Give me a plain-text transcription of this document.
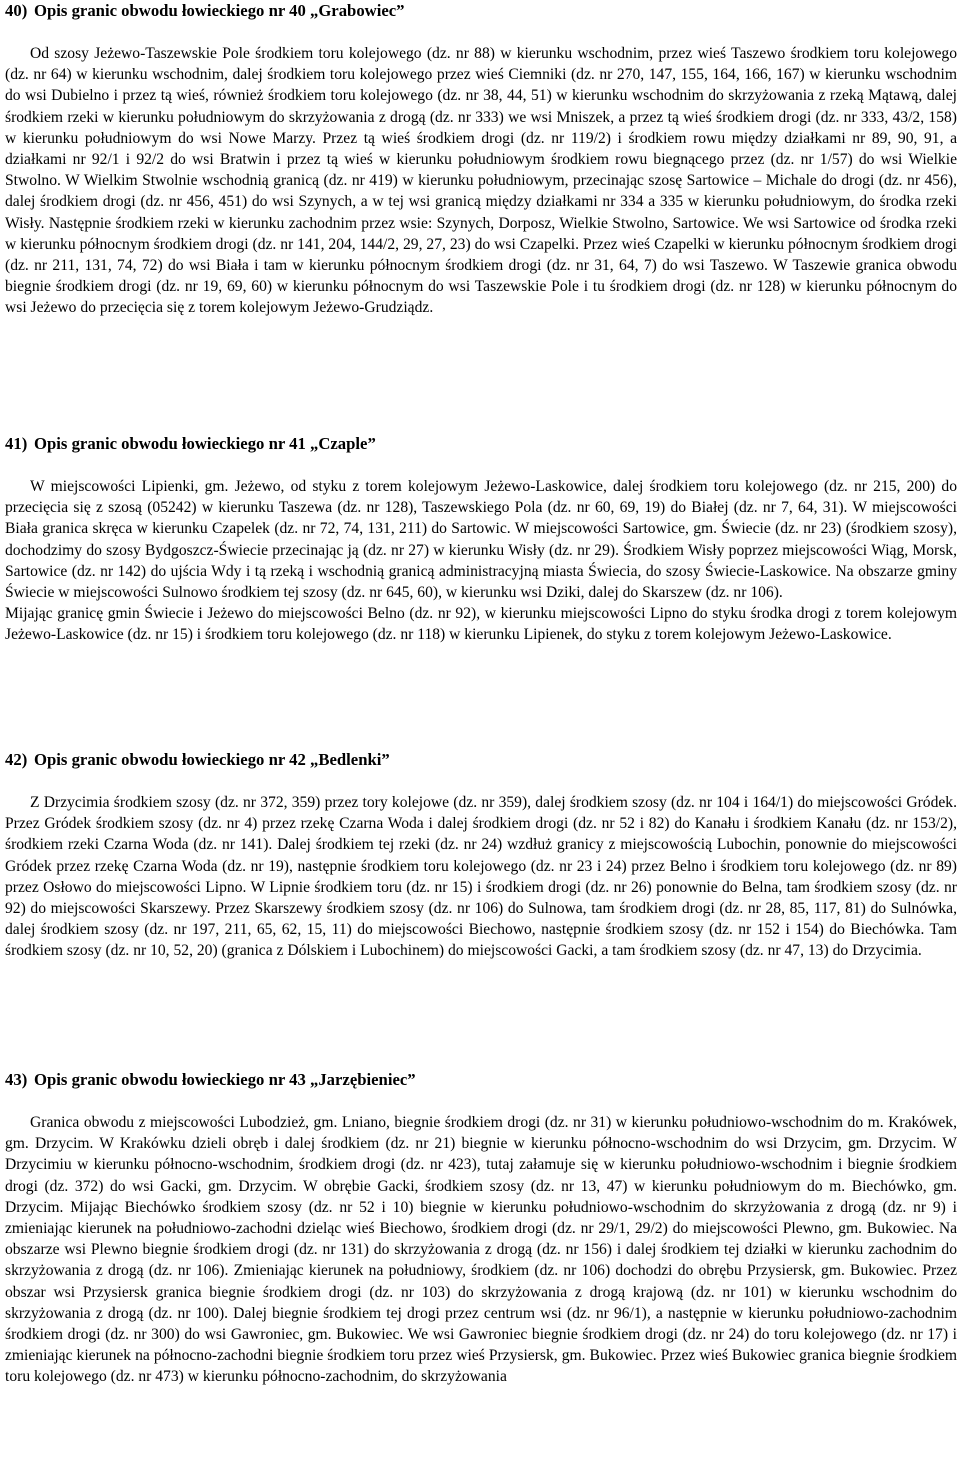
40) Opis granic obwodu łowieckiego nr 40 „Grabowiec”

Od szosy Jeżewo-Taszewskie Pole środkiem toru kolejowego (dz. nr 88) w kierunku wschodnim, przez wieś Taszewo środkiem toru kolejowego (dz. nr 64) w kierunku wschodnim, dalej środkiem toru kolejowego przez wieś Ciemniki (dz. nr 270, 147, 155, 164, 166, 167) w kierunku wschodnim do wsi Dubielno i przez tą wieś, również środkiem toru kolejowego (dz. nr 38, 44, 51) w kierunku wschodnim do skrzyżowania z rzeką Mątawą, dalej środkiem rzeki w kierunku południowym do skrzyżowania z drogą (dz. nr 333) we wsi Mniszek, a przez tą wieś środkiem drogi (dz. nr 333, 43/2, 158) w kierunku południowym do wsi Nowe Marzy. Przez tą wieś środkiem drogi (dz. nr 119/2) i środkiem rowu między działkami nr 89, 90, 91, a działkami nr 92/1 i 92/2 do wsi Bratwin i przez tą wieś w kierunku południowym środkiem rowu biegnącego przez (dz. nr 1/57) do wsi Wielkie Stwolno. W Wielkim Stwolnie wschodnią granicą (dz. nr 419) w kierunku południowym, przecinając szosę Sartowice – Michale do drogi (dz. nr 456), dalej środkiem drogi (dz. nr 456, 451) do wsi Szynych, a w tej wsi granicą między działkami nr 334 a 335 w kierunku południowym, do środka rzeki Wisły. Następnie środkiem rzeki w kierunku zachodnim przez wsie: Szynych, Dorposz, Wielkie Stwolno, Sartowice. We wsi Sartowice od środka rzeki w kierunku północnym środkiem drogi (dz. nr 141, 204, 144/2, 29, 27, 23) do wsi Czapelki. Przez wieś Czapelki w kierunku północnym środkiem drogi (dz. nr 211, 131, 74, 72) do wsi Biała i tam w kierunku północnym środkiem drogi (dz. nr 31, 64, 7) do wsi Taszewo. W Taszewie granica obwodu biegnie środkiem drogi (dz. nr 19, 69, 60) w kierunku północnym do wsi Taszewskie Pole i tu środkiem drogi (dz. nr 128) w kierunku północnym do wsi Jeżewo do przecięcia się z torem kolejowym Jeżewo-Grudziądz.

41) Opis granic obwodu łowieckiego nr 41 „Czaple”

W miejscowości Lipienki, gm. Jeżewo, od styku z torem kolejowym Jeżewo-Laskowice, dalej środkiem toru kolejowego (dz. nr 215, 200) do przecięcia się z szosą (05242) w kierunku Taszewa (dz. nr 128), Taszewskiego Pola (dz. nr 60, 69, 19) do Białej (dz. nr 7, 64, 31). W miejscowości Biała granica skręca w kierunku Czapelek (dz. nr 72, 74, 131, 211) do Sartowic. W miejscowości Sartowice, gm. Świecie (dz. nr 23) (środkiem szosy), dochodzimy do szosy Bydgoszcz-Świecie przecinając ją (dz. nr 27) w kierunku Wisły (dz. nr 29). Środkiem Wisły poprzez miejscowości Wiąg, Morsk, Sartowice (dz. nr 142) do ujścia Wdy i tą rzeką i wschodnią granicą administracyjną miasta Świecia, do szosy Świecie-Laskowice. Na obszarze gminy Świecie w miejscowości Sulnowo środkiem tej szosy (dz. nr 645, 60), w kierunku wsi Dziki, dalej do Skarszew (dz. nr 106).

Mijając granicę gmin Świecie i Jeżewo do miejscowości Belno (dz. nr 92), w kierunku miejscowości Lipno do styku środka drogi z torem kolejowym Jeżewo-Laskowice (dz. nr 15) i środkiem toru kolejowego (dz. nr 118) w kierunku Lipienek, do styku z torem kolejowym Jeżewo-Laskowice.

42) Opis granic obwodu łowieckiego nr 42 „Bedlenki”

Z Drzycimia środkiem szosy (dz. nr 372, 359) przez tory kolejowe (dz. nr 359), dalej środkiem szosy (dz. nr 104 i 164/1) do miejscowości Gródek. Przez Gródek środkiem szosy (dz. nr 4) przez rzekę Czarna Woda i dalej środkiem drogi (dz. nr 52 i 82) do Kanału i środkiem Kanału (dz. nr 153/2), środkiem rzeki Czarna Woda (dz. nr 141). Dalej środkiem tej rzeki (dz. nr 24) wzdłuż granicy z miejscowością Lubochin, ponownie do miejscowości Gródek przez rzekę Czarna Woda (dz. nr 19), następnie środkiem toru kolejowego (dz. nr 23 i 24) przez Belno i środkiem toru kolejowego (dz. nr 89) przez Osłowo do miejscowości Lipno. W Lipnie środkiem toru (dz. nr 15) i środkiem drogi (dz. nr 26) ponownie do Belna, tam środkiem szosy (dz. nr 92) do miejscowości Skarszewy. Przez Skarszewy środkiem szosy (dz. nr 106) do Sulnowa, tam środkiem drogi (dz. nr 28, 85, 117, 81) do Sulnówka, dalej środkiem szosy (dz. nr 197, 211, 65, 62, 15, 11) do miejscowości Biechowo, następnie środkiem szosy (dz. nr 152 i 154) do Biechówka. Tam środkiem szosy (dz. nr 10, 52, 20) (granica z Dólskiem i Lubochinem) do miejscowości Gacki, a tam środkiem szosy (dz. nr 47, 13) do Drzycimia.

43) Opis granic obwodu łowieckiego nr 43 „Jarzębieniec”

Granica obwodu z miejscowości Lubodzież, gm. Lniano, biegnie środkiem drogi (dz. nr 31) w kierunku południowo-wschodnim do m. Krakówek, gm. Drzycim. W Krakówku dzieli obręb i dalej środkiem (dz. nr 21) biegnie w kierunku północno-wschodnim do wsi Drzycim, gm. Drzycim. W Drzycimiu w kierunku północno-wschodnim, środkiem drogi (dz. nr 423), tutaj załamuje się w kierunku południowo-wschodnim i biegnie środkiem drogi (dz. 372) do wsi Gacki, gm. Drzycim. W obrębie Gacki, środkiem szosy (dz. nr 13, 47) w kierunku południowym do m. Biechówko, gm. Drzycim. Mijając Biechówko środkiem szosy (dz. nr 52 i 10) biegnie w kierunku południowo-wschodnim do skrzyżowania z drogą (dz. nr 9) i zmieniając kierunek na południowo-zachodni dzieląc wieś Biechowo, środkiem drogi (dz. nr 29/1, 29/2) do miejscowości Plewno, gm. Bukowiec. Na obszarze wsi Plewno biegnie środkiem drogi (dz. nr 131) do skrzyżowania z drogą (dz. nr 156) i dalej środkiem tej działki w kierunku zachodnim do skrzyżowania z drogą (dz. nr 106). Zmieniając kierunek na południowy, środkiem (dz. nr 106) dochodzi do obrębu Przysiersk, gm. Bukowiec. Przez obszar wsi Przysiersk granica biegnie środkiem drogi (dz. nr 103) do skrzyżowania z drogą krajową (dz. nr 101) w kierunku wschodnim do skrzyżowania z drogą (dz. nr 100). Dalej biegnie środkiem tej drogi przez centrum wsi (dz. nr 96/1), a następnie w kierunku południowo-zachodnim środkiem drogi (dz. nr 300) do wsi Gawroniec, gm. Bukowiec. We wsi Gawroniec biegnie środkiem drogi (dz. nr 24) do toru kolejowego (dz. nr 17) i zmieniając kierunek na północno-zachodni biegnie środkiem toru przez wieś Przysiersk, gm. Bukowiec. Przez wieś Bukowiec granica biegnie środkiem toru kolejowego (dz. nr 473) w kierunku północno-zachodnim, do skrzyżowania
